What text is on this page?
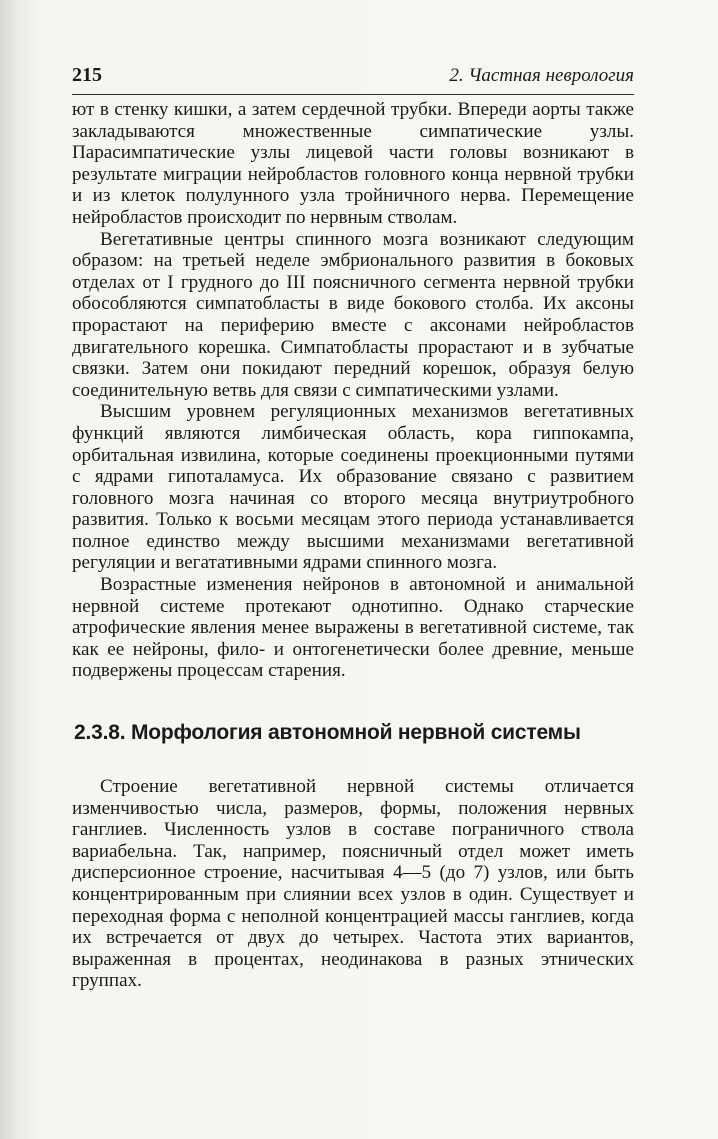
215	2. Частная неврология

ют в стенку кишки, а затем сердечной трубки. Впереди аорты также закладываются множественные симпатические узлы. Парасимпатические узлы лицевой части головы возникают в результате миграции нейробластов головного конца нервной трубки и из клеток полулунного узла тройничного нерва. Перемещение нейробластов происходит по нервным стволам.

Вегетативные центры спинного мозга возникают следующим образом: на третьей неделе эмбрионального развития в боковых отделах от I грудного до III поясничного сегмента нервной трубки обособляются симпатобласты в виде бокового столба. Их аксоны прорастают на периферию вместе с аксонами нейробластов двигательного корешка. Симпатобласты прорастают и в зубчатые связки. Затем они покидают передний корешок, образуя белую соединительную ветвь для связи с симпатическими узлами.

Высшим уровнем регуляционных механизмов вегетативных функций являются лимбическая область, кора гиппокампа, орбитальная извилина, которые соединены проекционными путями с ядрами гипоталамуса. Их образование связано с развитием головного мозга начиная со второго месяца внутриутробного развития. Только к восьми месяцам этого периода устанавливается полное единство между высшими механизмами вегетативной регуляции и вегатативными ядрами спинного мозга.

Возрастные изменения нейронов в автономной и анимальной нервной системе протекают однотипно. Однако старческие атрофические явления менее выражены в вегетативной системе, так как ее нейроны, фило- и онтогенетически более древние, меньше подвержены процессам старения.

2.3.8. Морфология автономной нервной системы

Строение вегетативной нервной системы отличается изменчивостью числа, размеров, формы, положения нервных ганглиев. Численность узлов в составе пограничного ствола вариабельна. Так, например, поясничный отдел может иметь дисперсионное строение, насчитывая 4—5 (до 7) узлов, или быть концентрированным при слиянии всех узлов в один. Существует и переходная форма с неполной концентрацией массы ганглиев, когда их встречается от двух до четырех. Частота этих вариантов, выраженная в процентах, неодинакова в разных этнических группах.
